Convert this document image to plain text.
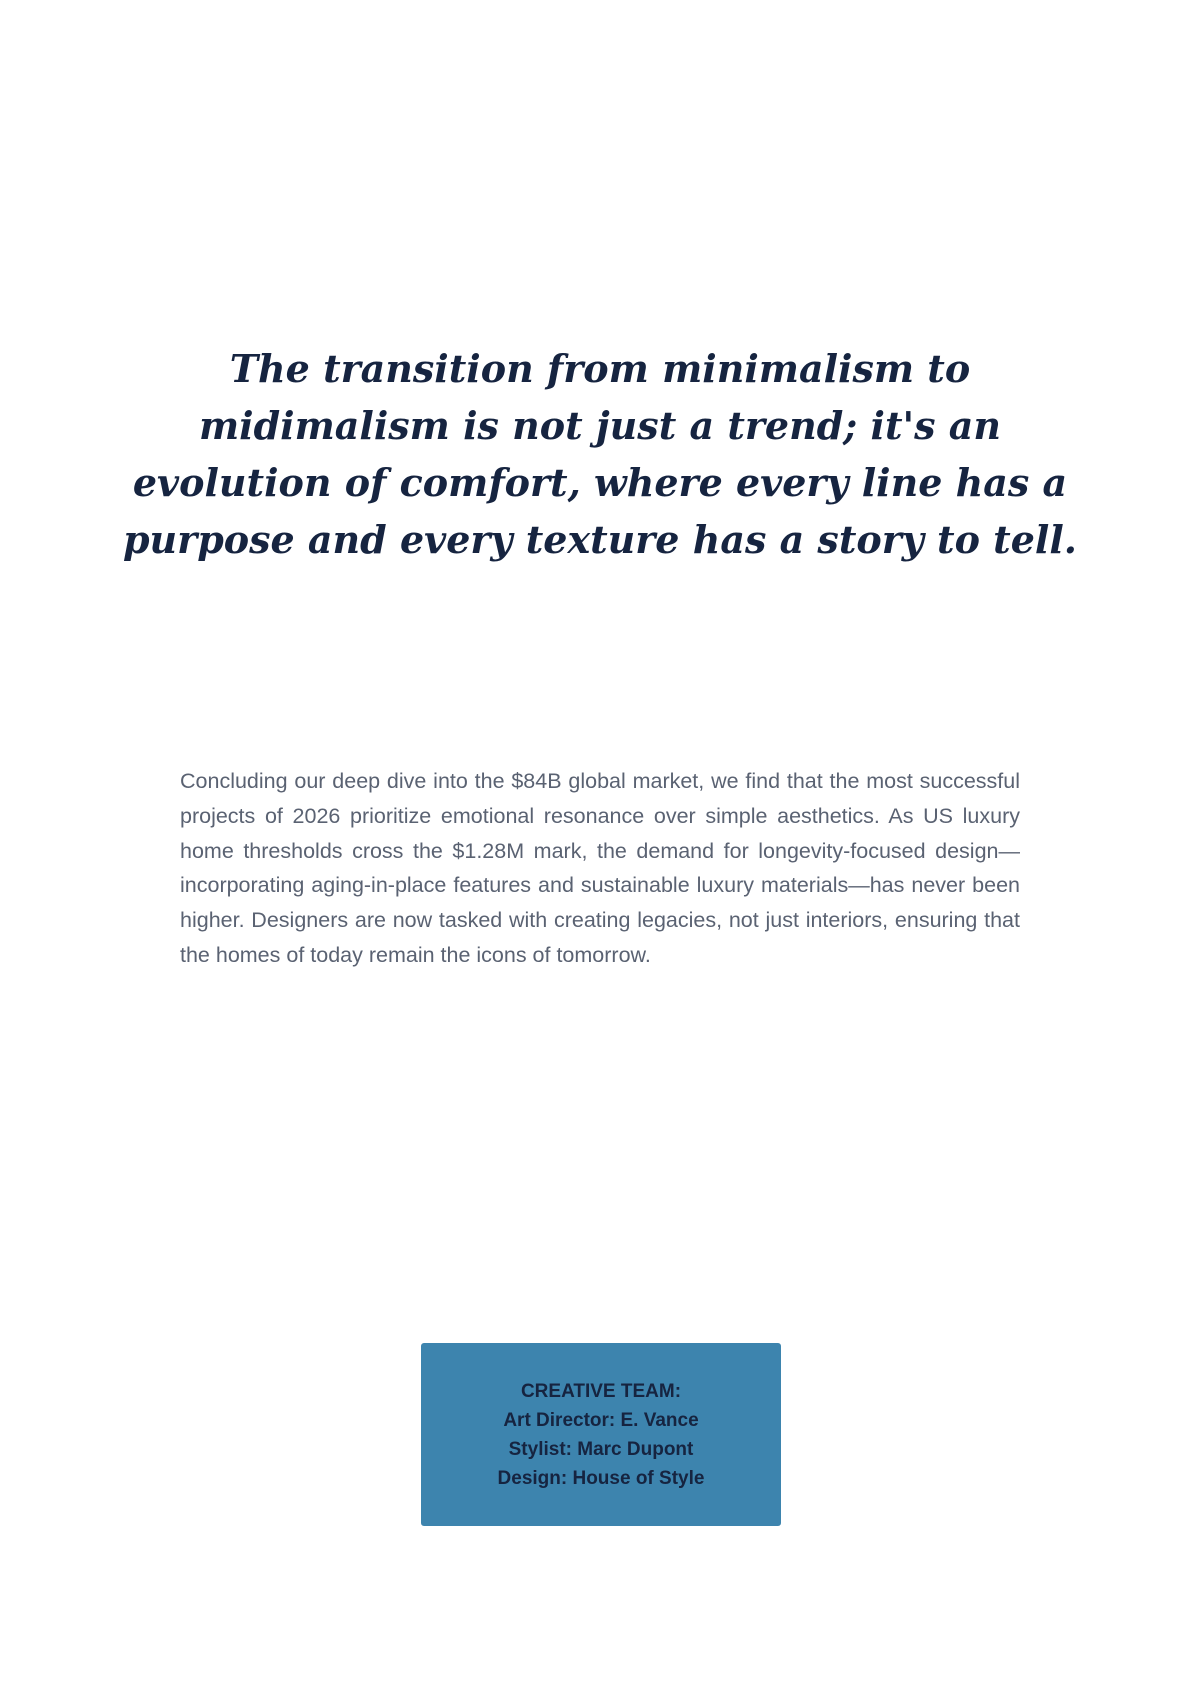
The transition from minimalism to midimalism is not just a trend; it's an evolution of comfort, where every line has a purpose and every texture has a story to tell.

Concluding our deep dive into the $84B global market, we find that the most successful projects of 2026 prioritize emotional resonance over simple aesthetics. As US luxury home thresholds cross the $1.28M mark, the demand for longevity-focused design—incorporating aging-in-place features and sustainable luxury materials—has never been higher. Designers are now tasked with creating legacies, not just interiors, ensuring that the homes of today remain the icons of tomorrow.

CREATIVE TEAM:
Art Director: E. Vance
Stylist: Marc Dupont
Design: House of Style
